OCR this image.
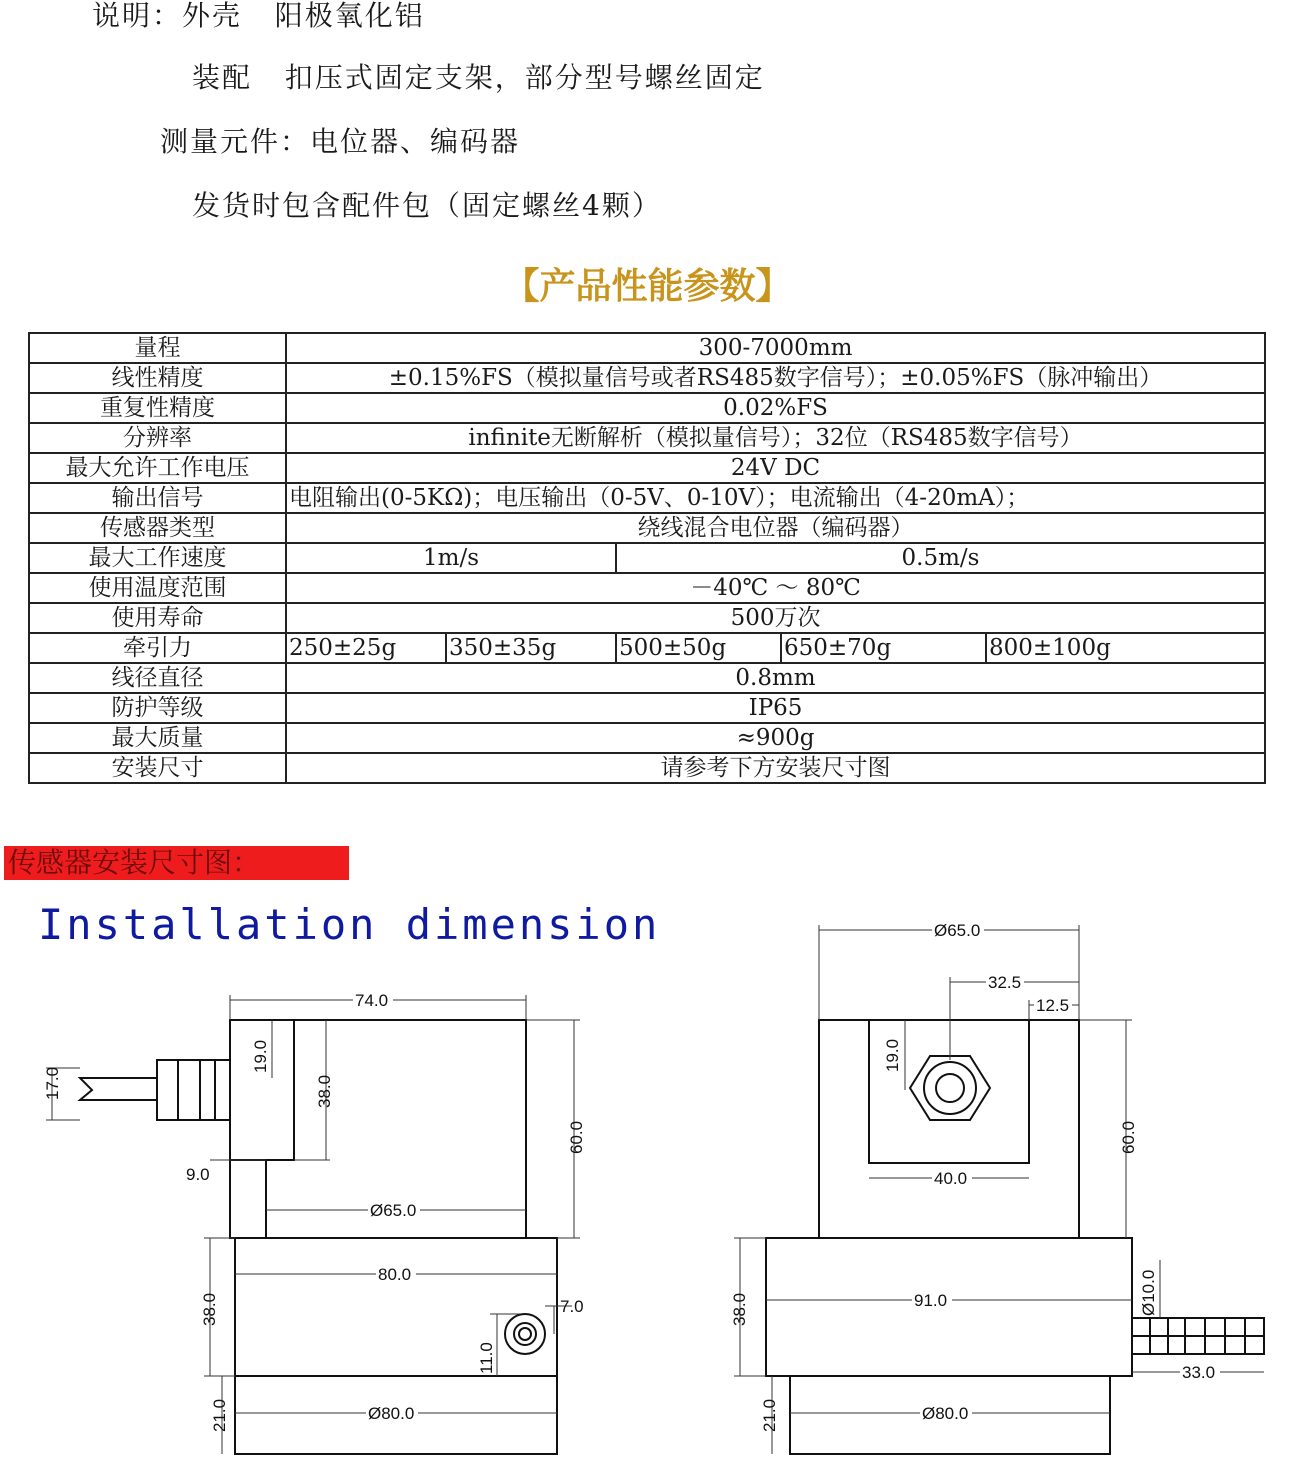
说明：外壳   阳极氧化铝
装配   扣压式固定支架，部分型号螺丝固定
测量元件：电位器、编码器
发货时包含配件包（固定螺丝4颗）
【产品性能参数】
量程	300-7000mm				
线性精度	±0.15%FS（模拟量信号或者RS485数字信号）；±0.05%FS（脉冲输出）				
重复性精度	0.02%FS				
分辨率	infinite无断解析（模拟量信号）；32位（RS485数字信号）				
最大允许工作电压	24V DC				
输出信号	电阻输出(0-5KΩ)；电压输出（0-5V、0-10V）；电流输出（4-20mA）；				
传感器类型	绕线混合电位器（编码器）				
最大工作速度	1m/s		0.5m/s		
使用温度范围	－40℃ ～ 80℃				
使用寿命	500万次				
牵引力	250±25g	350±35g	500±50g	650±70g	800±100g
线径直径	0.8mm				
防护等级	IP65				
最大质量	≈900g				
安装尺寸	请参考下方安装尺寸图				
传感器安装尺寸图：
Installation dimension
74.0
17.0
19.0
38.0
60.0
9.0
Ø65.0
80.0
7.0
11.0
38.0
Ø80.0
21.0
Ø65.0
32.5
12.5
19.0
60.0
40.0
91.0	Ø10.0
38.0
33.0
Ø80.0
21.0
